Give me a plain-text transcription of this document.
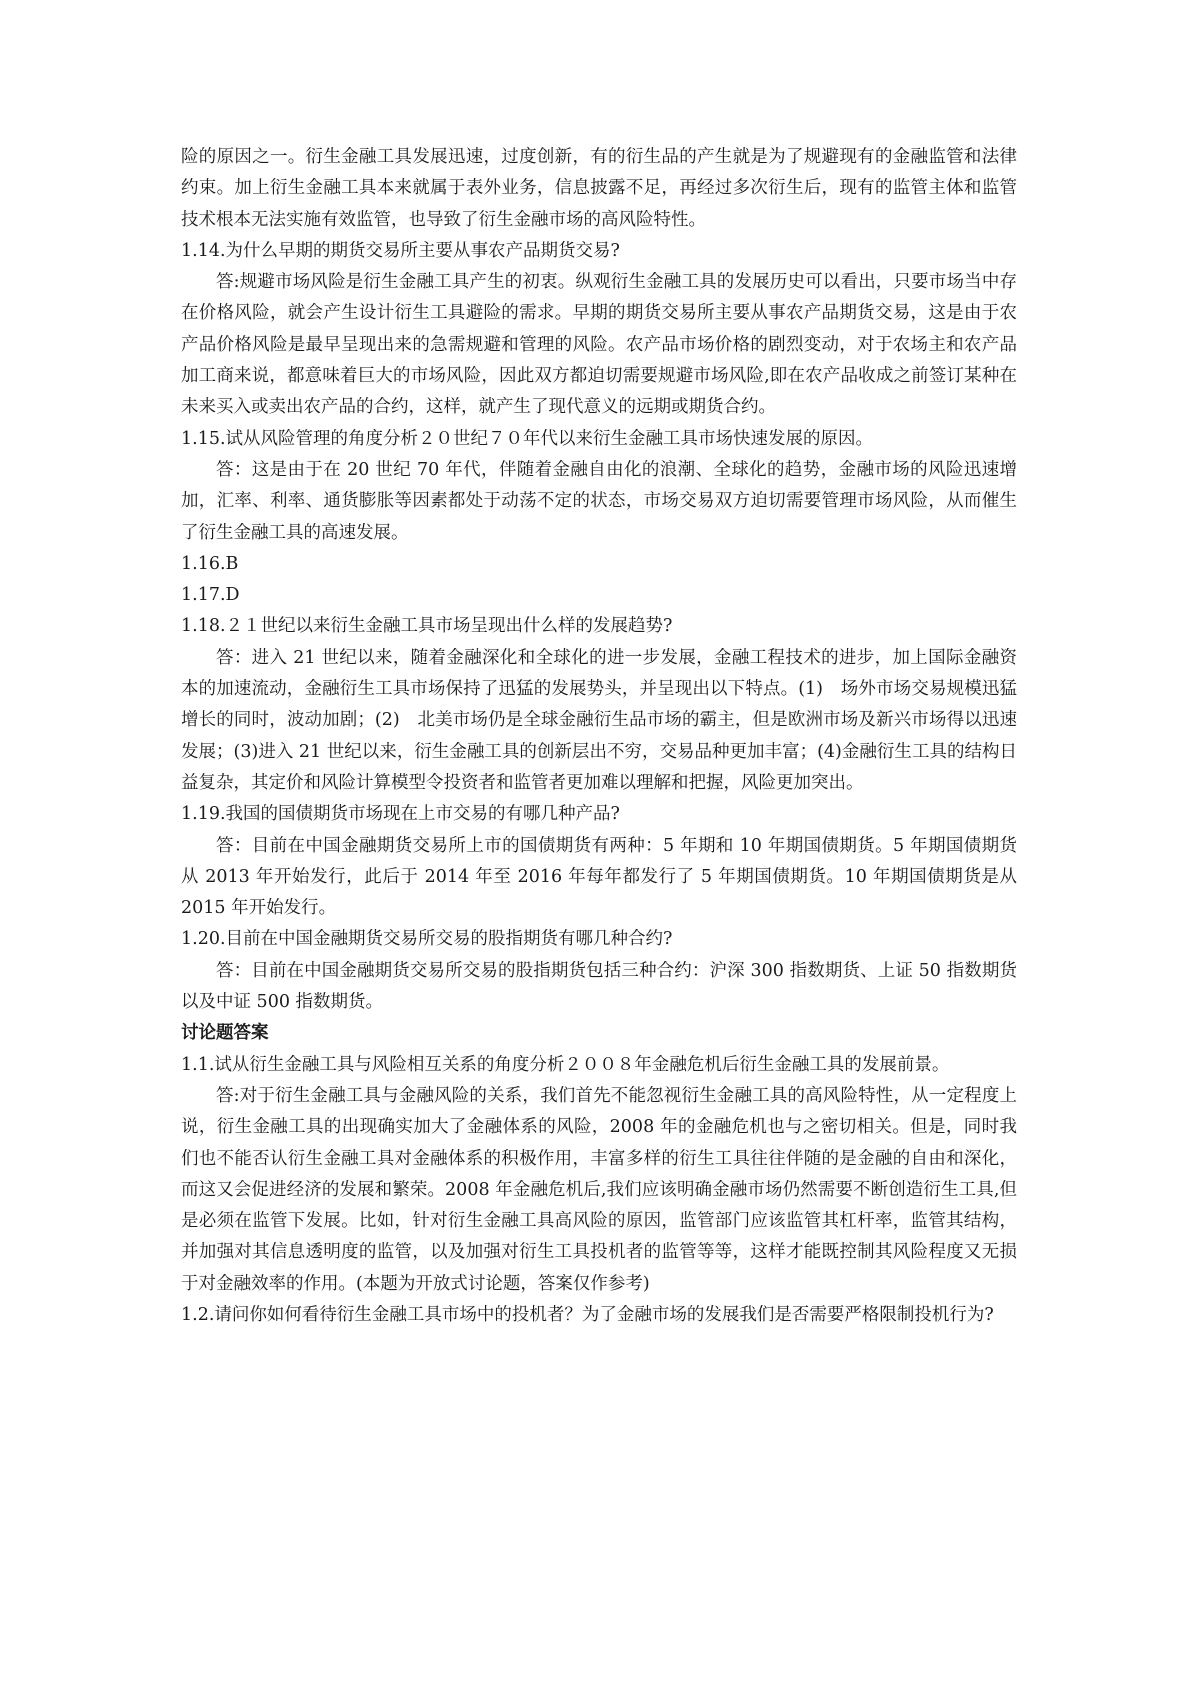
险的原因之一。衍生金融工具发展迅速，过度创新，有的衍生品的产生就是为了规避现有的金融监管和法律约束。加上衍生金融工具本来就属于表外业务，信息披露不足，再经过多次衍生后，现有的监管主体和监管技术根本无法实施有效监管，也导致了衍生金融市场的高风险特性。

1.14.为什么早期的期货交易所主要从事农产品期货交易?

答:规避市场风险是衍生金融工具产生的初衷。纵观衍生金融工具的发展历史可以看出，只要市场当中存在价格风险，就会产生设计衍生工具避险的需求。早期的期货交易所主要从事农产品期货交易，这是由于农产品价格风险是最早呈现出来的急需规避和管理的风险。农产品市场价格的剧烈变动，对于农场主和农产品加工商来说，都意味着巨大的市场风险，因此双方都迫切需要规避市场风险,即在农产品收成之前签订某种在未来买入或卖出农产品的合约，这样，就产生了现代意义的远期或期货合约。

1.15.试从风险管理的角度分析２０世纪７０年代以来衍生金融工具市场快速发展的原因。

答：这是由于在 20 世纪 70 年代，伴随着金融自由化的浪潮、全球化的趋势，金融市场的风险迅速增加，汇率、利率、通货膨胀等因素都处于动荡不定的状态，市场交易双方迫切需要管理市场风险，从而催生了衍生金融工具的高速发展。

1.16.B

1.17.D

1.18.２１世纪以来衍生金融工具市场呈现出什么样的发展趋势?

答：进入 21 世纪以来，随着金融深化和全球化的进一步发展，金融工程技术的进步，加上国际金融资本的加速流动，金融衍生工具市场保持了迅猛的发展势头，并呈现出以下特点。(1)　场外市场交易规模迅猛增长的同时，波动加剧；(2)　北美市场仍是全球金融衍生品市场的霸主，但是欧洲市场及新兴市场得以迅速发展；(3)进入 21 世纪以来，衍生金融工具的创新层出不穷，交易品种更加丰富；(4)金融衍生工具的结构日益复杂，其定价和风险计算模型令投资者和监管者更加难以理解和把握，风险更加突出。

1.19.我国的国债期货市场现在上市交易的有哪几种产品?

答：目前在中国金融期货交易所上市的国债期货有两种：5 年期和 10 年期国债期货。5 年期国债期货从 2013 年开始发行，此后于 2014 年至 2016 年每年都发行了 5 年期国债期货。10 年期国债期货是从 2015 年开始发行。

1.20.目前在中国金融期货交易所交易的股指期货有哪几种合约?

答：目前在中国金融期货交易所交易的股指期货包括三种合约：沪深 300 指数期货、上证 50 指数期货以及中证 500 指数期货。

讨论题答案

1.1.试从衍生金融工具与风险相互关系的角度分析２００８年金融危机后衍生金融工具的发展前景。

答:对于衍生金融工具与金融风险的关系，我们首先不能忽视衍生金融工具的高风险特性，从一定程度上说，衍生金融工具的出现确实加大了金融体系的风险，2008 年的金融危机也与之密切相关。但是，同时我们也不能否认衍生金融工具对金融体系的积极作用，丰富多样的衍生工具往往伴随的是金融的自由和深化，而这又会促进经济的发展和繁荣。2008 年金融危机后,我们应该明确金融市场仍然需要不断创造衍生工具,但是必须在监管下发展。比如，针对衍生金融工具高风险的原因，监管部门应该监管其杠杆率，监管其结构，并加强对其信息透明度的监管，以及加强对衍生工具投机者的监管等等，这样才能既控制其风险程度又无损于对金融效率的作用。(本题为开放式讨论题，答案仅作参考)

1.2.请问你如何看待衍生金融工具市场中的投机者？为了金融市场的发展我们是否需要严格限制投机行为?
